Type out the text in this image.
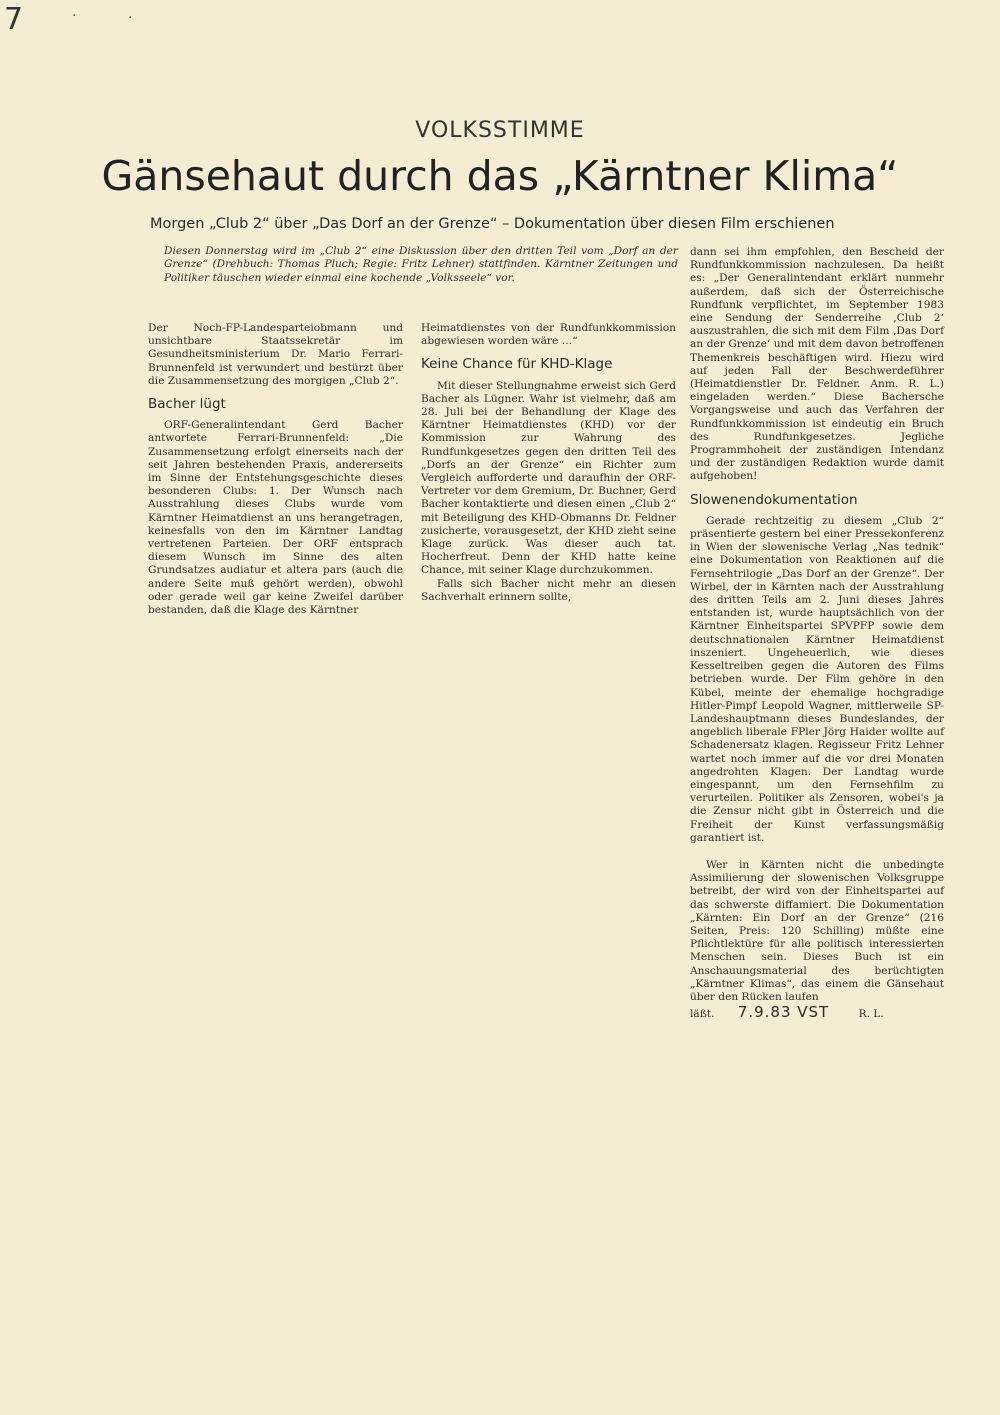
7	·	·
VOLKSSTIMME
Gänsehaut durch das „Kärntner Klima“
Morgen „Club 2“ über „Das Dorf an der Grenze“ – Dokumentation über diesen Film erschienen

Diesen Donnerstag wird im „Club 2“ eine Diskussion über den dritten Teil vom „Dorf an der Grenze“ (Drehbuch: Thomas Pluch; Regie: Fritz Lehner) stattfinden. Kärntner Zeitungen und Politiker täuschen wieder einmal eine kochende „Volksseele“ vor.

Der Noch-FP-Landesparteiobmann und unsichtbare Staatssekretär im Gesundheitsministerium Dr. Mario Ferrari-Brunnenfeld ist verwundert und bestürzt über die Zusammensetzung des morgigen „Club 2“.

Bacher lügt

ORF-Generalintendant Gerd Bacher antwortete Ferrari-Brunnenfeld: „Die Zusammensetzung erfolgt einerseits nach der seit Jahren bestehenden Praxis, andererseits im Sinne der Entstehungsgeschichte dieses besonderen Clubs: 1. Der Wunsch nach Ausstrahlung dieses Clubs wurde vom Kärntner Heimatdienst an uns herangetragen, keinesfalls von den im Kärntner Landtag vertretenen Parteien. Der ORF entsprach diesem Wunsch im Sinne des alten Grundsatzes audiatur et altera pars (auch die andere Seite muß gehört werden), obwohl oder gerade weil gar keine Zweifel darüber bestanden, daß die Klage des Kärntner

Heimatdienstes von der Rundfunkkommission abgewiesen worden wäre …“

Keine Chance für KHD-Klage

Mit dieser Stellungnahme erweist sich Gerd Bacher als Lügner. Wahr ist vielmehr, daß am 28. Juli bei der Behandlung der Klage des Kärntner Heimatdienstes (KHD) vor der Kommission zur Wahrung des Rundfunkgesetzes gegen den dritten Teil des „Dorfs an der Grenze“ ein Richter zum Vergleich aufforderte und daraufhin der ORF-Vertreter vor dem Gremium, Dr. Buchner, Gerd Bacher kontaktierte und diesen einen „Club 2“ mit Beteiligung des KHD-Obmanns Dr. Feldner zusicherte, vorausgesetzt, der KHD zieht seine Klage zurück. Was dieser auch tat. Hocherfreut. Denn der KHD hatte keine Chance, mit seiner Klage durchzukommen.

Falls sich Bacher nicht mehr an diesen Sachverhalt erinnern sollte,

dann sei ihm empfohlen, den Bescheid der Rundfunkkommission nachzulesen. Da heißt es: „Der Generalintendant erklärt nunmehr außerdem, daß sich der Österreichische Rundfunk verpflichtet, im September 1983 eine Sendung der Senderreihe ‚Club 2‘ auszustrahlen, die sich mit dem Film ‚Das Dorf an der Grenze‘ und mit dem davon betroffenen Themenkreis beschäftigen wird. Hiezu wird auf jeden Fall der Beschwerdeführer (Heimatdienstler Dr. Feldner. Anm. R. L.) eingeladen werden.“ Diese Bachersche Vorgangsweise und auch das Verfahren der Rundfunkkommission ist eindeutig ein Bruch des Rundfunkgesetzes. Jegliche Programmhoheit der zuständigen Intendanz und der zuständigen Redaktion wurde damit aufgehoben!

Slowenendokumentation

Gerade rechtzeitig zu diesem „Club 2“ präsentierte gestern bei einer Pressekonferenz in Wien der slowenische Verlag „Nas tednik“ eine Dokumentation von Reaktionen auf die Fernsehtrilogie „Das Dorf an der Grenze“. Der Wirbel, der in Kärnten nach der Ausstrahlung des dritten Teils am 2. Juni dieses Jahres entstanden ist, wurde hauptsächlich von der Kärntner Einheitspartei SPVPFP sowie dem deutschnationalen Kärntner Heimatdienst inszeniert. Ungeheuerlich, wie dieses Kesseltreiben gegen die Autoren des Films betrieben wurde. Der Film gehöre in den Kübel, meinte der ehemalige hochgradige Hitler-Pimpf Leopold Wagner, mittlerweile SP-Landeshauptmann dieses Bundeslandes, der angeblich liberale FPler Jörg Haider wollte auf Schadenersatz klagen. Regisseur Fritz Lehner wartet noch immer auf die vor drei Monaten angedrohten Klagen. Der Landtag wurde eingespannt, um den Fernsehfilm zu verurteilen. Politiker als Zensoren, wobei's ja die Zensur nicht gibt in Österreich und die Freiheit der Kunst verfassungsmäßig garantiert ist.

Wer in Kärnten nicht die unbedingte Assimilierung der slowenischen Volksgruppe betreibt, der wird von der Einheitspartei auf das schwerste diffamiert. Die Dokumentation „Kärnten: Ein Dorf an der Grenze“ (216 Seiten, Preis: 120 Schilling) müßte eine Pflichtlektüre für alle politisch interessierten Menschen sein. Dieses Buch ist ein Anschauungsmaterial des berüchtigten „Kärntner Klimas“, das einem die Gänsehaut über den Rücken laufen

läßt. 7.9.83 VST	R. L.
